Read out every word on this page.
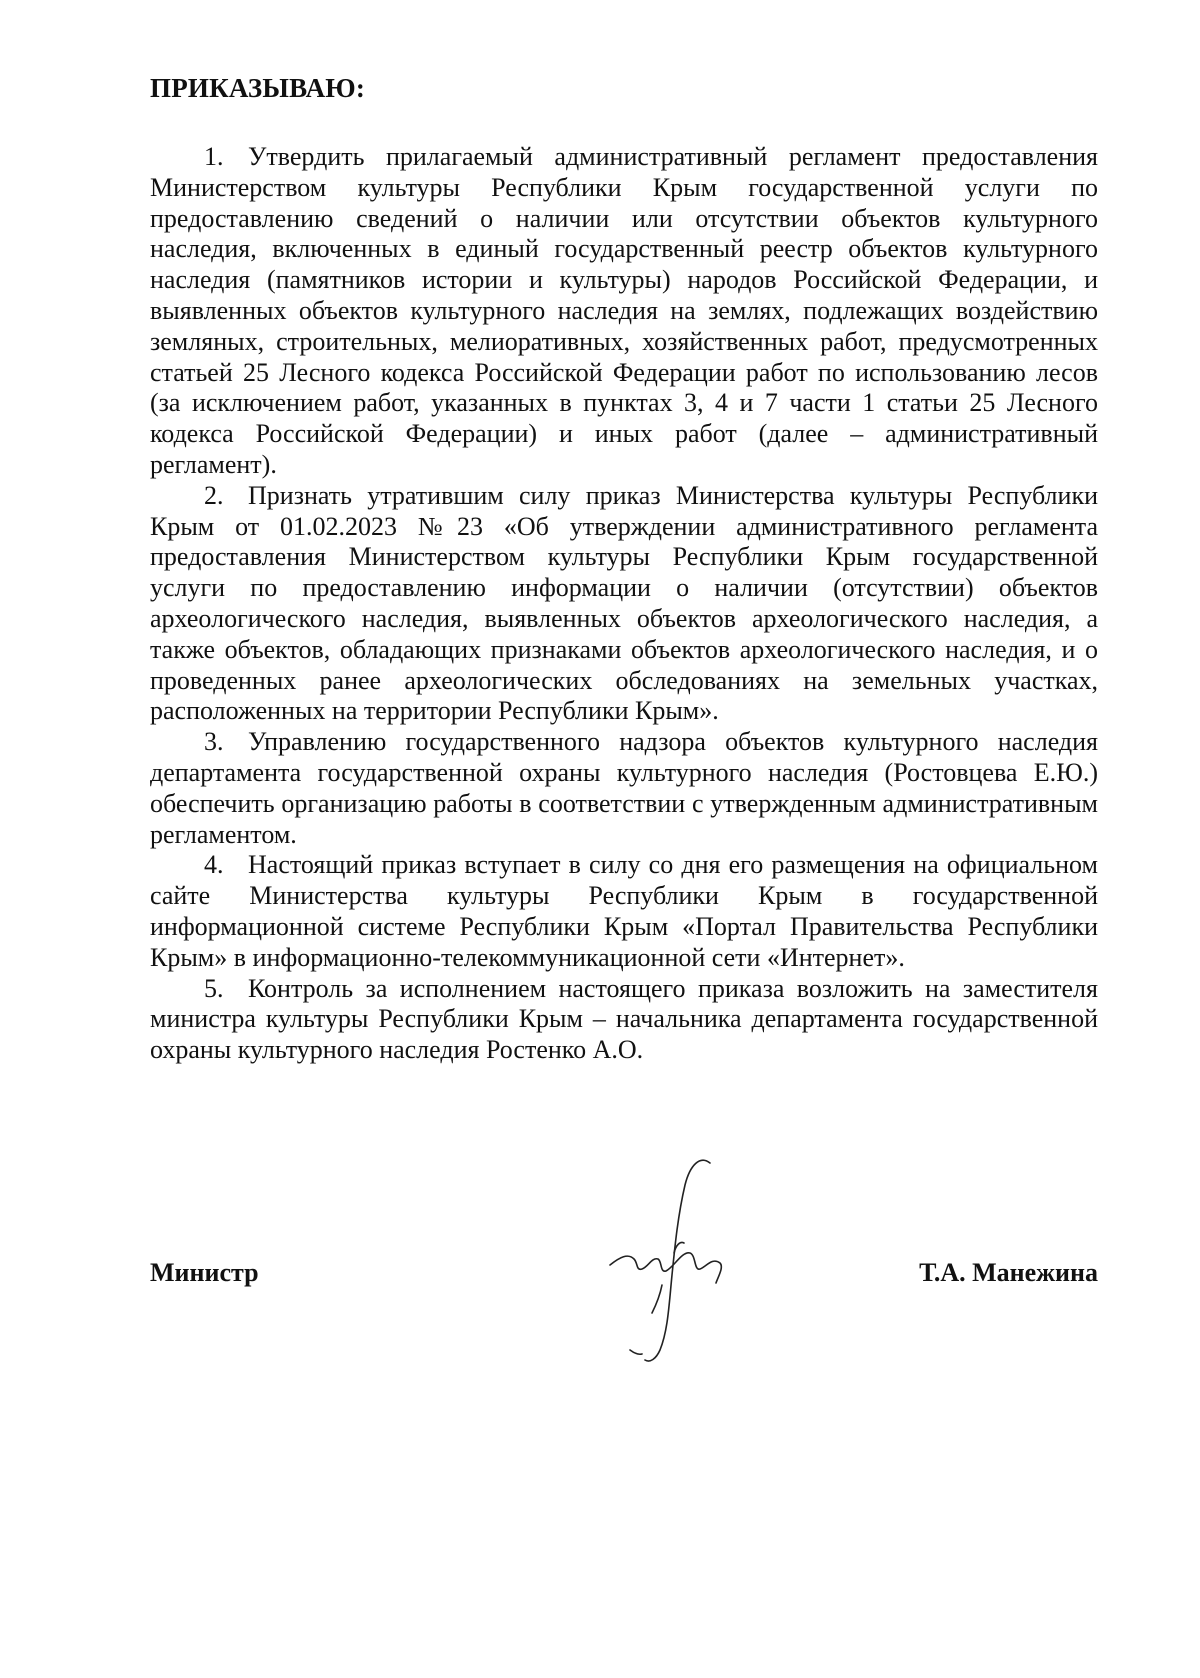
ПРИКАЗЫВАЮ:

1. Утвердить прилагаемый административный регламент предоставления Министерством культуры Республики Крым государственной услуги по предоставлению сведений о наличии или отсутствии объектов культурного наследия, включенных в единый государственный реестр объектов культурного наследия (памятников истории и культуры) народов Российской Федерации, и выявленных объектов культурного наследия на землях, подлежащих воздействию земляных, строительных, мелиоративных, хозяйственных работ, предусмотренных статьей 25 Лесного кодекса Российской Федерации работ по использованию лесов (за исключением работ, указанных в пунктах 3, 4 и 7 части 1 статьи 25 Лесного кодекса Российской Федерации) и иных работ (далее – административный регламент).

2. Признать утратившим силу приказ Министерства культуры Республики Крым от 01.02.2023 №23 «Об утверждении административного регламента предоставления Министерством культуры Республики Крым государственной услуги по предоставлению информации о наличии (отсутствии) объектов археологического наследия, выявленных объектов археологического наследия, а также объектов, обладающих признаками объектов археологического наследия, и о проведенных ранее археологических обследованиях на земельных участках, расположенных на территории Республики Крым».

3. Управлению государственного надзора объектов культурного наследия департамента государственной охраны культурного наследия (Ростовцева Е.Ю.) обеспечить организацию работы в соответствии с утвержденным административным регламентом.

4. Настоящий приказ вступает в силу со дня его размещения на официальном сайте Министерства культуры Республики Крым в государственной информационной системе Республики Крым «Портал Правительства Республики Крым» в информационно-телекоммуникационной сети «Интернет».

5. Контроль за исполнением настоящего приказа возложить на заместителя министра культуры Республики Крым – начальника департамента государственной охраны культурного наследия Ростенко А.О.

Министр	Т.А. Манежина
